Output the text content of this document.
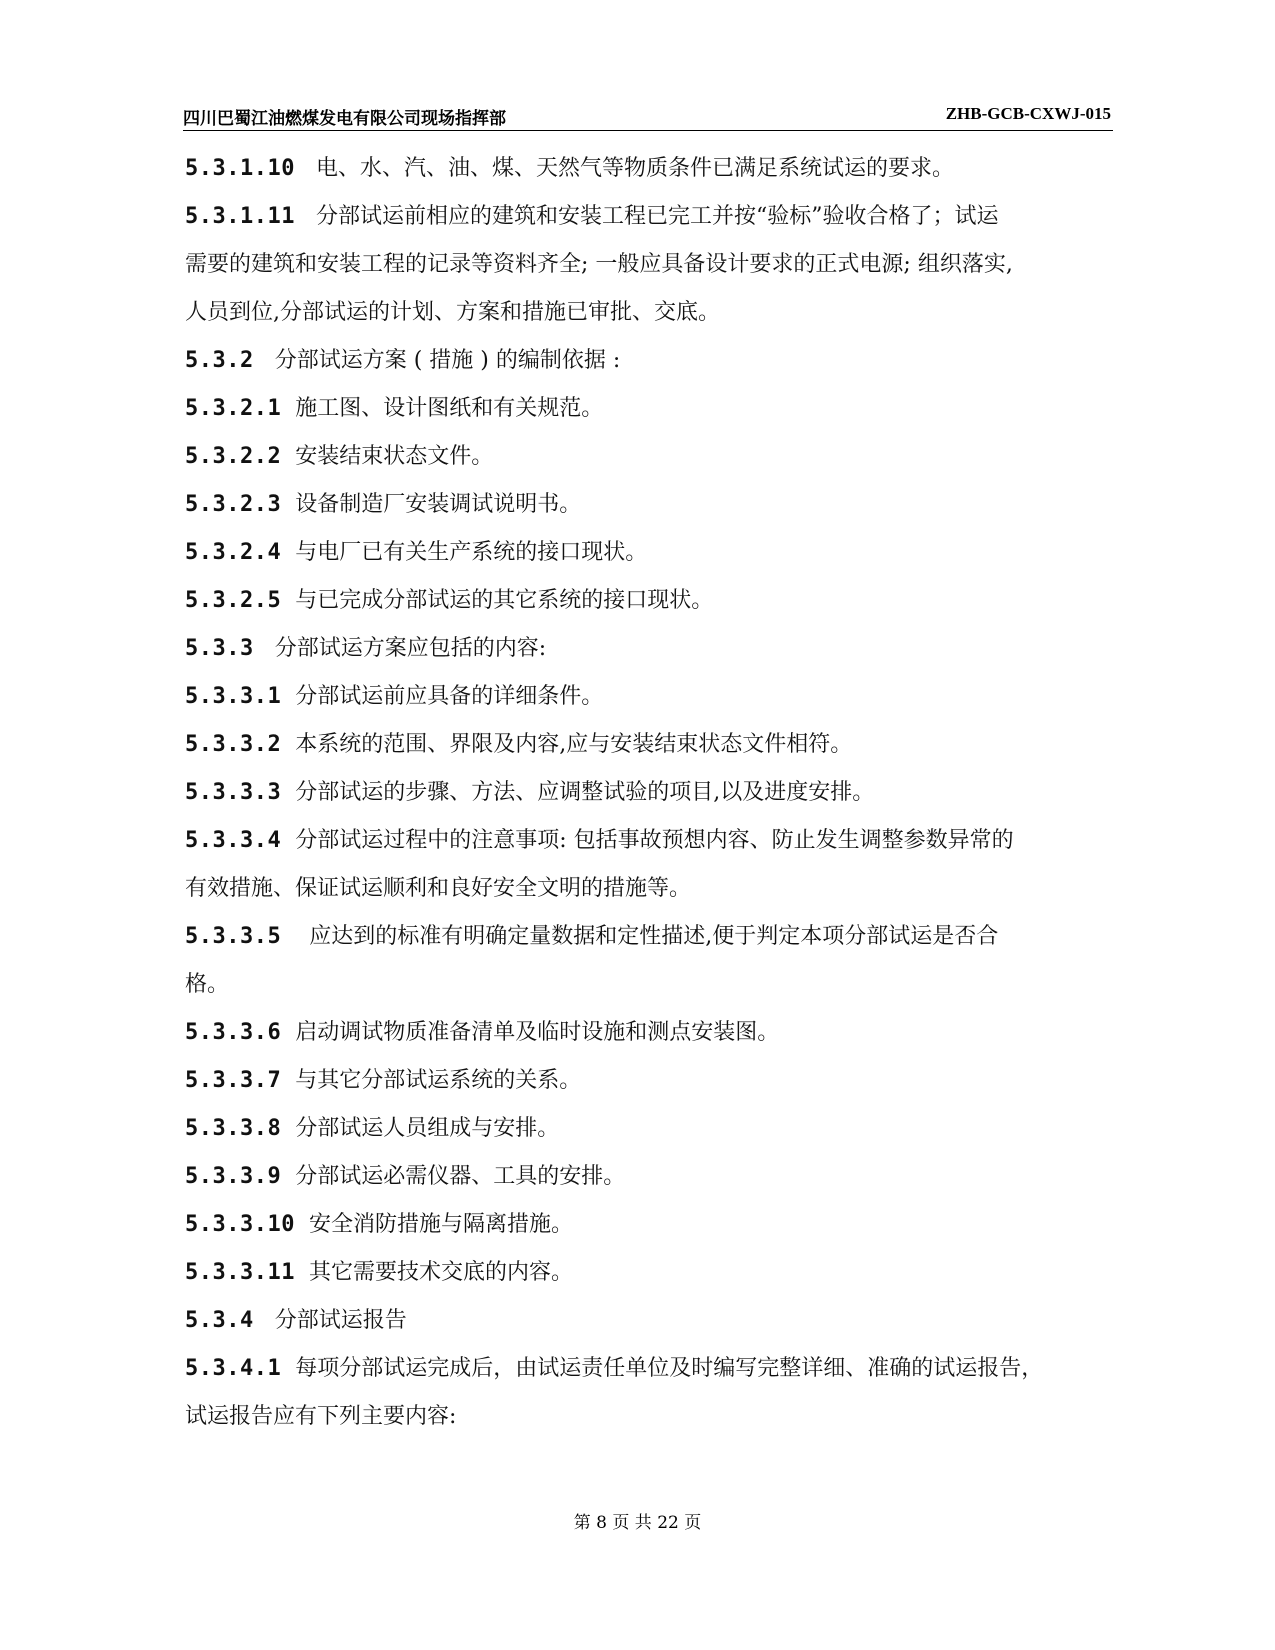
四川巴蜀江油燃煤发电有限公司现场指挥部	ZHB-GCB-CXWJ-015
5.3.1.10 电、水、汽、油、煤、天然气等物质条件已满足系统试运的要求。
5.3.1.11 分部试运前相应的建筑和安装工程已完工并按“验标”验收合格了；试运
需要的建筑和安装工程的记录等资料齐全; 一般应具备设计要求的正式电源; 组织落实,
人员到位,分部试运的计划、方案和措施已审批、交底。
5.3.2 分部试运方案 ( 措施 ) 的编制依据 :
5.3.2.1 施工图、设计图纸和有关规范。
5.3.2.2 安装结束状态文件。
5.3.2.3 设备制造厂安装调试说明书。
5.3.2.4 与电厂已有关生产系统的接口现状。
5.3.2.5 与已完成分部试运的其它系统的接口现状。
5.3.3 分部试运方案应包括的内容:
5.3.3.1 分部试运前应具备的详细条件。
5.3.3.2 本系统的范围、界限及内容,应与安装结束状态文件相符。
5.3.3.3 分部试运的步骤、方法、应调整试验的项目,以及进度安排。
5.3.3.4 分部试运过程中的注意事项: 包括事故预想内容、防止发生调整参数异常的
有效措施、保证试运顺利和良好安全文明的措施等。
5.3.3.5 应达到的标准有明确定量数据和定性描述,便于判定本项分部试运是否合
格。
5.3.3.6 启动调试物质准备清单及临时设施和测点安装图。
5.3.3.7 与其它分部试运系统的关系。
5.3.3.8 分部试运人员组成与安排。
5.3.3.9 分部试运必需仪器、工具的安排。
5.3.3.10 安全消防措施与隔离措施。
5.3.3.11 其它需要技术交底的内容。
5.3.4 分部试运报告
5.3.4.1 每项分部试运完成后，由试运责任单位及时编写完整详细、准确的试运报告，
试运报告应有下列主要内容:
第 8 页 共 22 页
